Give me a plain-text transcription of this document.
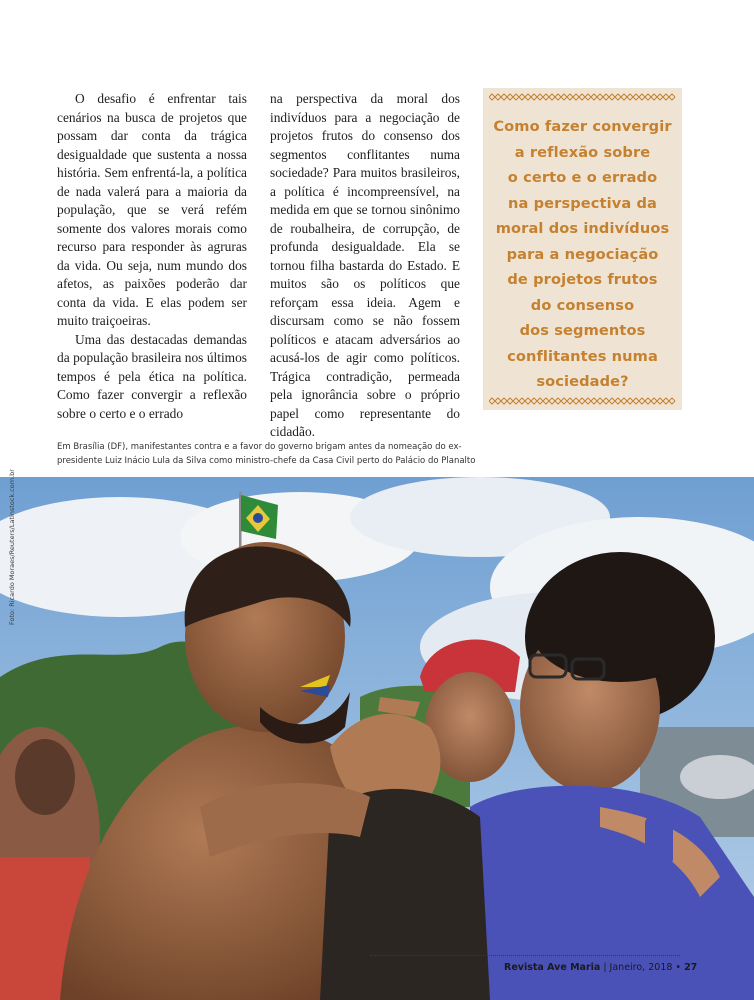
O desafio é enfrentar tais cenários na busca de projetos que possam dar conta da trágica desigualdade que sustenta a nossa história. Sem enfrentá-la, a política de nada valerá para a maioria da população, que se verá refém somente dos valores morais como recurso para responder às agruras da vida. Ou seja, num mundo dos afetos, as paixões poderão dar conta da vida. E elas podem ser muito traiçoeiras.

Uma das destacadas demandas da população brasileira nos últimos tempos é pela ética na política. Como fazer convergir a reflexão sobre o certo e o errado

na perspectiva da moral dos indivíduos para a negociação de projetos frutos do consenso dos segmentos conflitantes numa sociedade? Para muitos brasileiros, a política é incompreensível, na medida em que se tornou sinônimo de roubalheira, de corrupção, de profunda desigualdade. Ela se tornou filha bastarda do Estado. E muitos são os políticos que reforçam essa ideia. Agem e discursam como se não fossem políticos e atacam adversários ao acusá-los de agir como políticos. Trágica contradição, permeada pela ignorância sobre o próprio papel como representante do cidadão.

Como fazer convergir
a reflexão sobre
o certo e o errado
na perspectiva da
moral dos indivíduos
para a negociação
de projetos frutos
do consenso
dos segmentos
conflitantes numa
sociedade?
Em Brasília (DF), manifestantes contra e a favor do governo brigam antes da nomeação do ex-
presidente Luiz Inácio Lula da Silva como ministro-chefe da Casa Civil perto do Palácio do Planalto
Foto: Ricardo Moraes/Reuters/Latinstock.com.br
Revista Ave Maria | Janeiro, 2018 • 27
